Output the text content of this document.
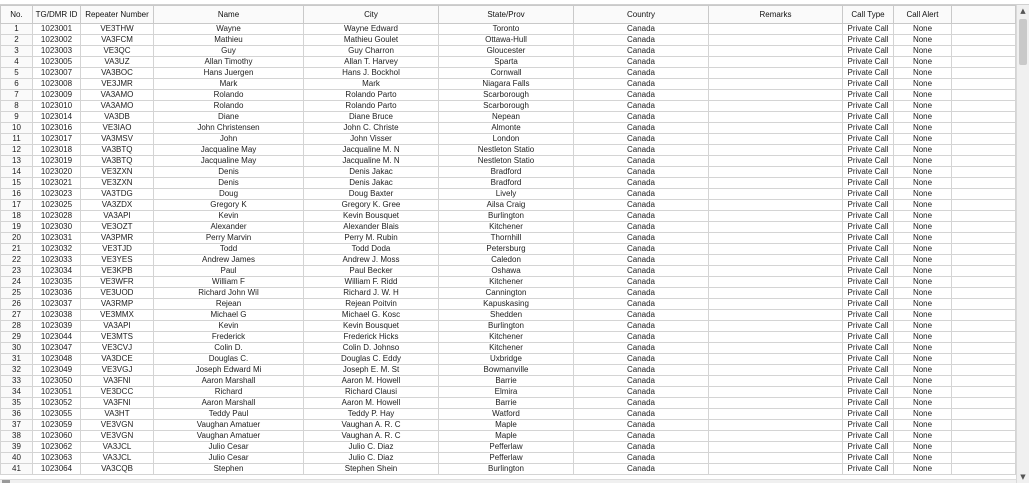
No.	TG/DMR ID	Repeater Number	Name	City	State/Prov	Country	Remarks	Call Type	Call Alert	
1	1023001	VE3THW	Wayne	Wayne Edward	Toronto	Canada		Private Call	None	
2	1023002	VA3FCM	Mathieu	Mathieu Goulet	Ottawa-Hull	Canada		Private Call	None	
3	1023003	VE3QC	Guy	Guy Charron	Gloucester	Canada		Private Call	None	
4	1023005	VA3UZ	Allan Timothy	Allan T. Harvey	Sparta	Canada		Private Call	None	
5	1023007	VA3BOC	Hans Juergen	Hans J. Bockhol	Cornwall	Canada		Private Call	None	
6	1023008	VE3JMR	Mark	Mark	Niagara Falls	Canada		Private Call	None	
7	1023009	VA3AMO	Rolando	Rolando Parto	Scarborough	Canada		Private Call	None	
8	1023010	VA3AMO	Rolando	Rolando Parto	Scarborough	Canada		Private Call	None	
9	1023014	VA3DB	Diane	Diane Bruce	Nepean	Canada		Private Call	None	
10	1023016	VE3IAO	John Christensen	John C. Christe	Almonte	Canada		Private Call	None	
11	1023017	VA3MSV	John	John Visser	London	Canada		Private Call	None	
12	1023018	VA3BTQ	Jacqualine May	Jacqualine M. N	Nestleton Statio	Canada		Private Call	None	
13	1023019	VA3BTQ	Jacqualine May	Jacqualine M. N	Nestleton Statio	Canada		Private Call	None	
14	1023020	VE3ZXN	Denis	Denis Jakac	Bradford	Canada		Private Call	None	
15	1023021	VE3ZXN	Denis	Denis Jakac	Bradford	Canada		Private Call	None	
16	1023023	VA3TDG	Doug	Doug Baxter	Lively	Canada		Private Call	None	
17	1023025	VA3ZDX	Gregory K	Gregory K. Gree	Ailsa Craig	Canada		Private Call	None	
18	1023028	VA3API	Kevin	Kevin Bousquet	Burlington	Canada		Private Call	None	
19	1023030	VE3OZT	Alexander	Alexander Blais	Kitchener	Canada		Private Call	None	
20	1023031	VA3PMR	Perry Marvin	Perry M. Rubin	Thornhill	Canada		Private Call	None	
21	1023032	VE3TJD	Todd	Todd Doda	Petersburg	Canada		Private Call	None	
22	1023033	VE3YES	Andrew James	Andrew J. Moss	Caledon	Canada		Private Call	None	
23	1023034	VE3KPB	Paul	Paul Becker	Oshawa	Canada		Private Call	None	
24	1023035	VE3WFR	William F	William F. Ridd	Kitchener	Canada		Private Call	None	
25	1023036	VE3UOD	Richard John Wil	Richard J. W. H	Cannington	Canada		Private Call	None	
26	1023037	VA3RMP	Rejean	Rejean Poitvin	Kapuskasing	Canada		Private Call	None	
27	1023038	VE3MMX	Michael G	Michael G. Kosc	Shedden	Canada		Private Call	None	
28	1023039	VA3API	Kevin	Kevin Bousquet	Burlington	Canada		Private Call	None	
29	1023044	VE3MTS	Frederick	Frederick Hicks	Kitchener	Canada		Private Call	None	
30	1023047	VE3CVJ	Colin D.	Colin D. Johnso	Kitchener	Canada		Private Call	None	
31	1023048	VA3DCE	Douglas C.	Douglas C. Eddy	Uxbridge	Canada		Private Call	None	
32	1023049	VE3VGJ	Joseph Edward Mi	Joseph E. M. St	Bowmanville	Canada		Private Call	None	
33	1023050	VA3FNI	Aaron Marshall	Aaron M. Howell	Barrie	Canada		Private Call	None	
34	1023051	VE3DCC	Richard	Richard Clausi	Elmira	Canada		Private Call	None	
35	1023052	VA3FNI	Aaron Marshall	Aaron M. Howell	Barrie	Canada		Private Call	None	
36	1023055	VA3HT	Teddy Paul	Teddy P. Hay	Watford	Canada		Private Call	None	
37	1023059	VE3VGN	Vaughan Amatuer	Vaughan A. R. C	Maple	Canada		Private Call	None	
38	1023060	VE3VGN	Vaughan Amatuer	Vaughan A. R. C	Maple	Canada		Private Call	None	
39	1023062	VA3JCL	Julio Cesar	Julio C. Diaz	Pefferlaw	Canada		Private Call	None	
40	1023063	VA3JCL	Julio Cesar	Julio C. Diaz	Pefferlaw	Canada		Private Call	None	
41	1023064	VA3CQB	Stephen	Stephen Shein	Burlington	Canada		Private Call	None	
▲
▼
